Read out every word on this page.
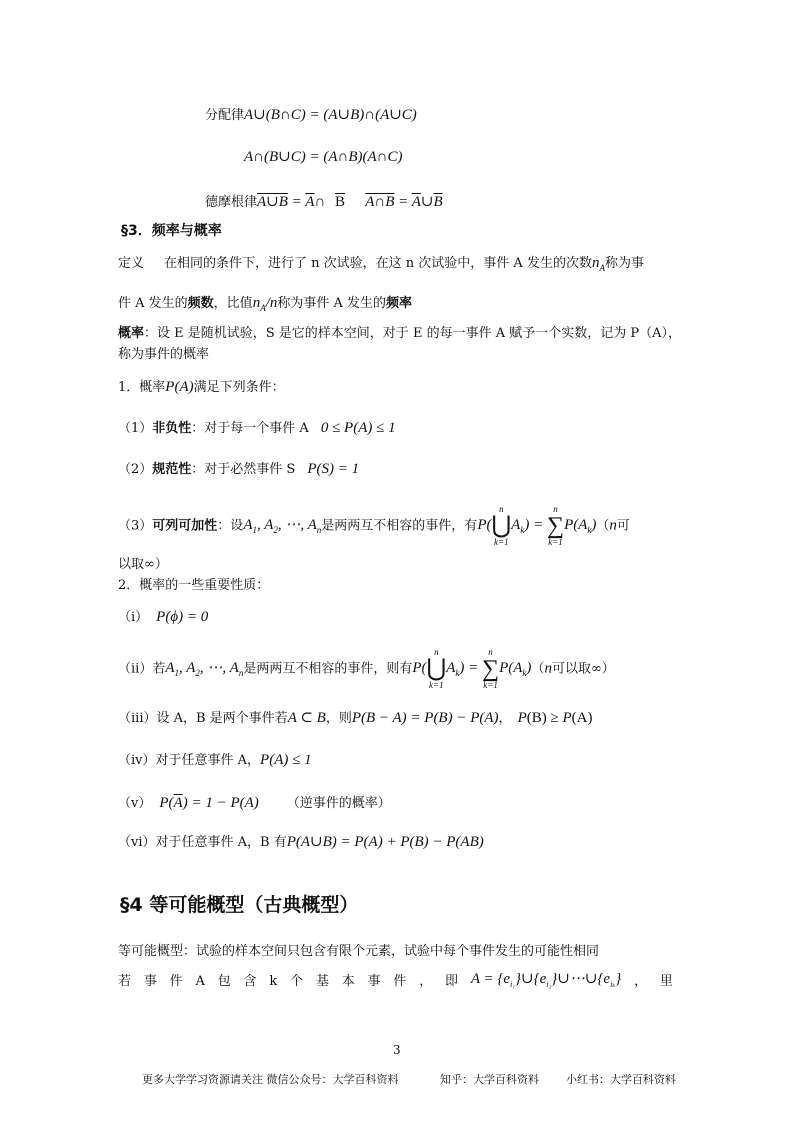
分配律A∪(B∩C) = (A∪B)∩(A∪C)
A∩(B∪C) = (A∩B)(A∩C)
德摩根律A∪B = $\overline{A}\cap$ $\overline{B}$ A∩B = $\overline{A}\cup\overline{B}$
§3．频率与概率
定义 在相同的条件下，进行了 n 次试验，在这 n 次试验中，事件 A 发生的次数$n_A$称为事
件 A 发生的频数，比值$n_A/n$称为事件 A 发生的频率
概率：设 E 是随机试验，S 是它的样本空间，对于 E 的每一事件 A 赋予一个实数，记为 P（A），
称为事件的概率
1．概率P(A)满足下列条件：
（1）非负性：对于每一个事件 A 0 ≤ P(A) ≤ 1
（2）规范性：对于必然事件 S P(S) = 1
（3）可列可加性：设$A_1$, $A_2$, ⋯, $A_n$是两两互不相容的事件，有P(
n
⋃
k=1
$A_k$) =
n
∑
k=1
$P(A_k)(n$可
以取∞）
2．概率的一些重要性质：
（i） P(ϕ) = 0
（ii）若$A_1$, $A_2$, ⋯, $A_n$是两两互不相容的事件，则有P(
n
⋃
k=1
$A_k$) =
n
∑
k=1
$P(A_k)(n$可以取∞）
（iii）设 A，B 是两个事件若A ⊂ B，则P(B − A) = P(B) − P(A)， P(B) ≥ P(A)
（iv）对于任意事件 A，P(A) ≤ 1
（v） $P(\overline{A}) = 1 - P(A)$ （逆事件的概率）
（vi）对于任意事件 A，B 有P(A∪B) = P(A) + P(B) − P(AB)
§4 等可能概型（古典概型）
等可能概型：试验的样本空间只包含有限个元素，试验中每个事件发生的可能性相同
若 事 件 A 包 含 k 个 基 本 事 件 ， 即 $A = \{e_{i_1}\}\cup\{e_{i_2}\}\cup\cdots\cup\{e_{i_k}\}$ ， 里
3
更多大学学习资源请关注 微信公众号：大学百科资料	知乎：大学百科资料 小红书：大学百科资料
